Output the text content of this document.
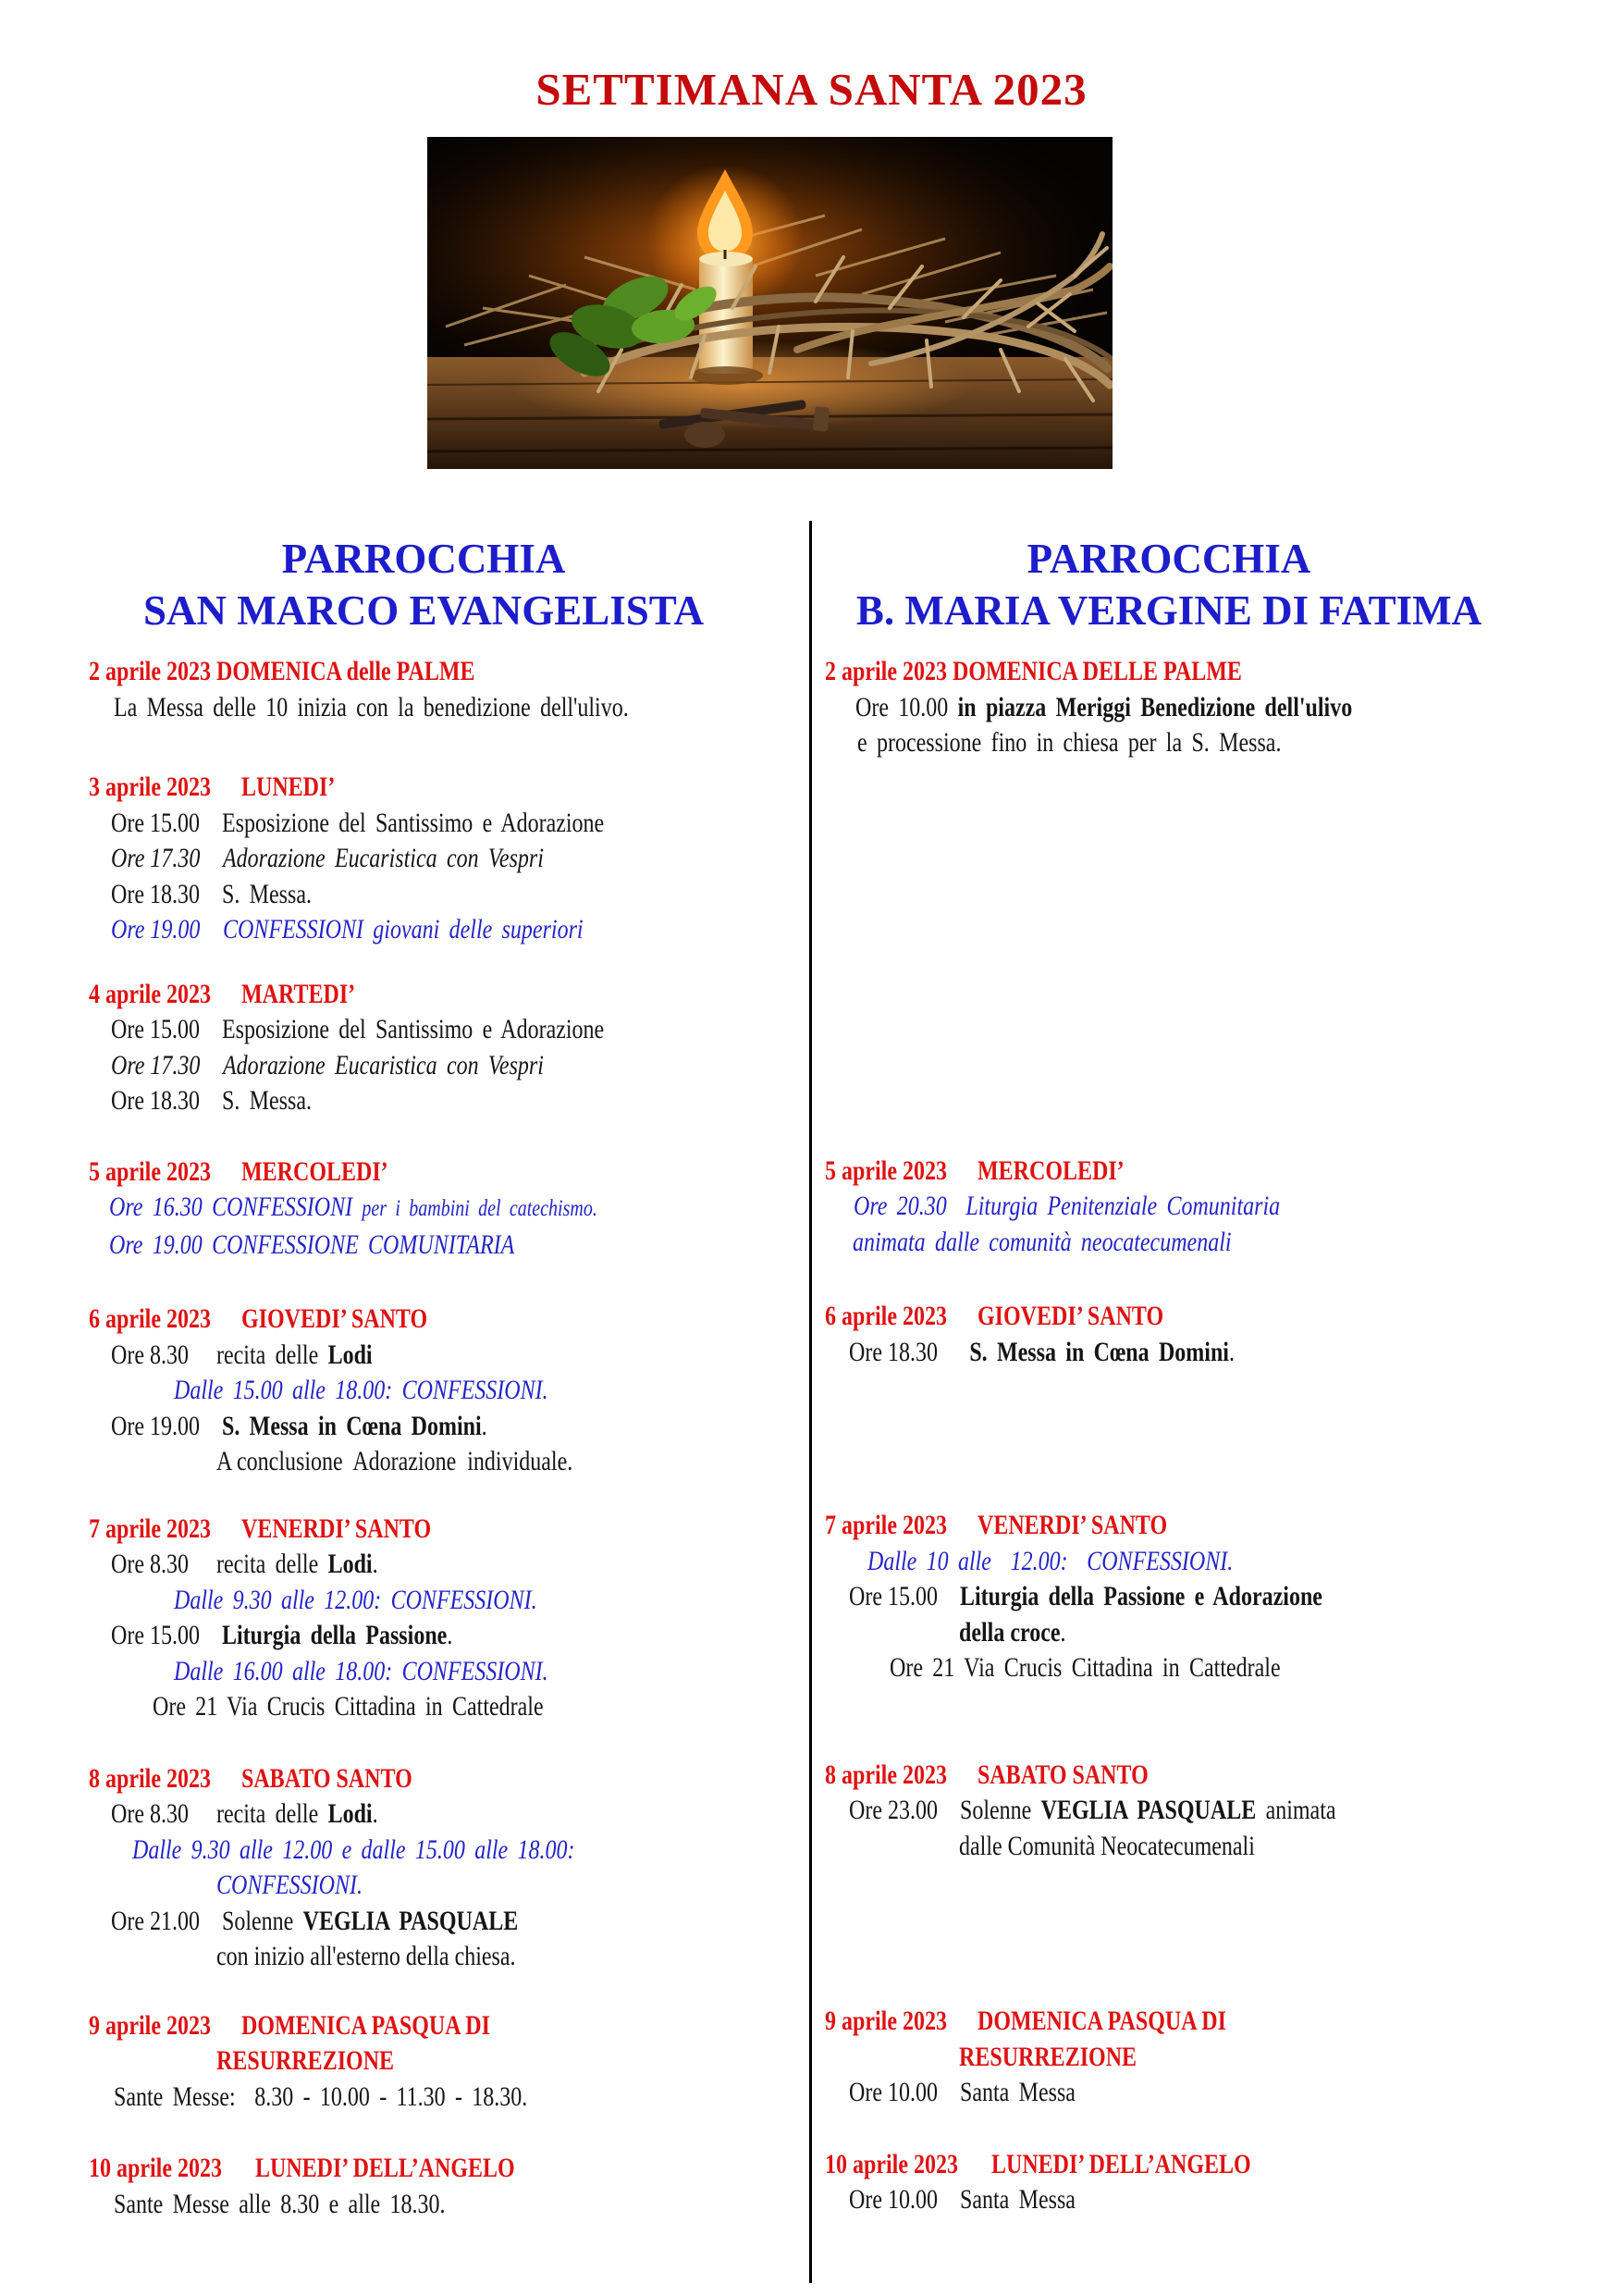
SETTIMANA SANTA 2023
PARROCCHIA
SAN MARCO EVANGELISTA
2 aprile 2023 DOMENICA delle PALME
La Messa delle 10 inizia con la benedizione dell'ulivo.
3 aprile 2023	LUNEDI’
Ore 15.00 Esposizione del Santissimo e Adorazione
Ore 17.30 Adorazione Eucaristica con Vespri
Ore 18.30 S. Messa.
Ore 19.00 CONFESSIONI giovani delle superiori
4 aprile 2023	MARTEDI’
Ore 15.00 Esposizione del Santissimo e Adorazione
Ore 17.30 Adorazione Eucaristica con Vespri
Ore 18.30 S. Messa.
5 aprile 2023	MERCOLEDI’
Ore 16.30 CONFESSIONI per i bambini del catechismo.
Ore 19.00 CONFESSIONE COMUNITARIA
6 aprile 2023	GIOVEDI’ SANTO
Ore 8.30	recita delle Lodi
Dalle 15.00 alle 18.00: CONFESSIONI.
Ore 19.00 S. Messa in Cœna Domini.
A conclusione  Adorazione  individuale.
7 aprile 2023	VENERDI’ SANTO
Ore 8.30	recita delle Lodi.
Dalle 9.30 alle 12.00: CONFESSIONI.
Ore 15.00 Liturgia della Passione.
Dalle 16.00 alle 18.00: CONFESSIONI.
Ore 21 Via Crucis Cittadina in Cattedrale
8 aprile 2023	SABATO SANTO
Ore 8.30	recita delle Lodi.
Dalle 9.30 alle 12.00 e dalle 15.00 alle 18.00:
CONFESSIONI.
Ore 21.00 Solenne VEGLIA PASQUALE
con inizio all'esterno della chiesa.
9 aprile 2023	DOMENICA PASQUA DI
RESURREZIONE
Sante Messe:  8.30 - 10.00 - 11.30 - 18.30.
10 aprile 2023	LUNEDI’ DELL’ANGELO
Sante Messe alle 8.30 e alle 18.30.
PARROCCHIA
B. MARIA VERGINE DI FATIMA
2 aprile 2023 DOMENICA DELLE PALME
Ore 10.00 in piazza Meriggi Benedizione dell'ulivo
e processione fino in chiesa per la S. Messa.
5 aprile 2023	MERCOLEDI’
Ore 20.30  Liturgia Penitenziale Comunitaria
animata dalle comunità neocatecumenali
6 aprile 2023	GIOVEDI’ SANTO
Ore 18.30 S. Messa in Cœna Domini.
7 aprile 2023	VENERDI’ SANTO
Dalle 10 alle  12.00:  CONFESSIONI.
Ore 15.00 Liturgia della Passione e Adorazione
della croce.
Ore 21 Via Crucis Cittadina in Cattedrale
8 aprile 2023	SABATO SANTO
Ore 23.00 Solenne VEGLIA PASQUALE animata
dalle Comunità Neocatecumenali
9 aprile 2023	DOMENICA PASQUA DI
RESURREZIONE
Ore 10.00 Santa Messa
10 aprile 2023	LUNEDI’ DELL’ANGELO
Ore 10.00 Santa Messa
